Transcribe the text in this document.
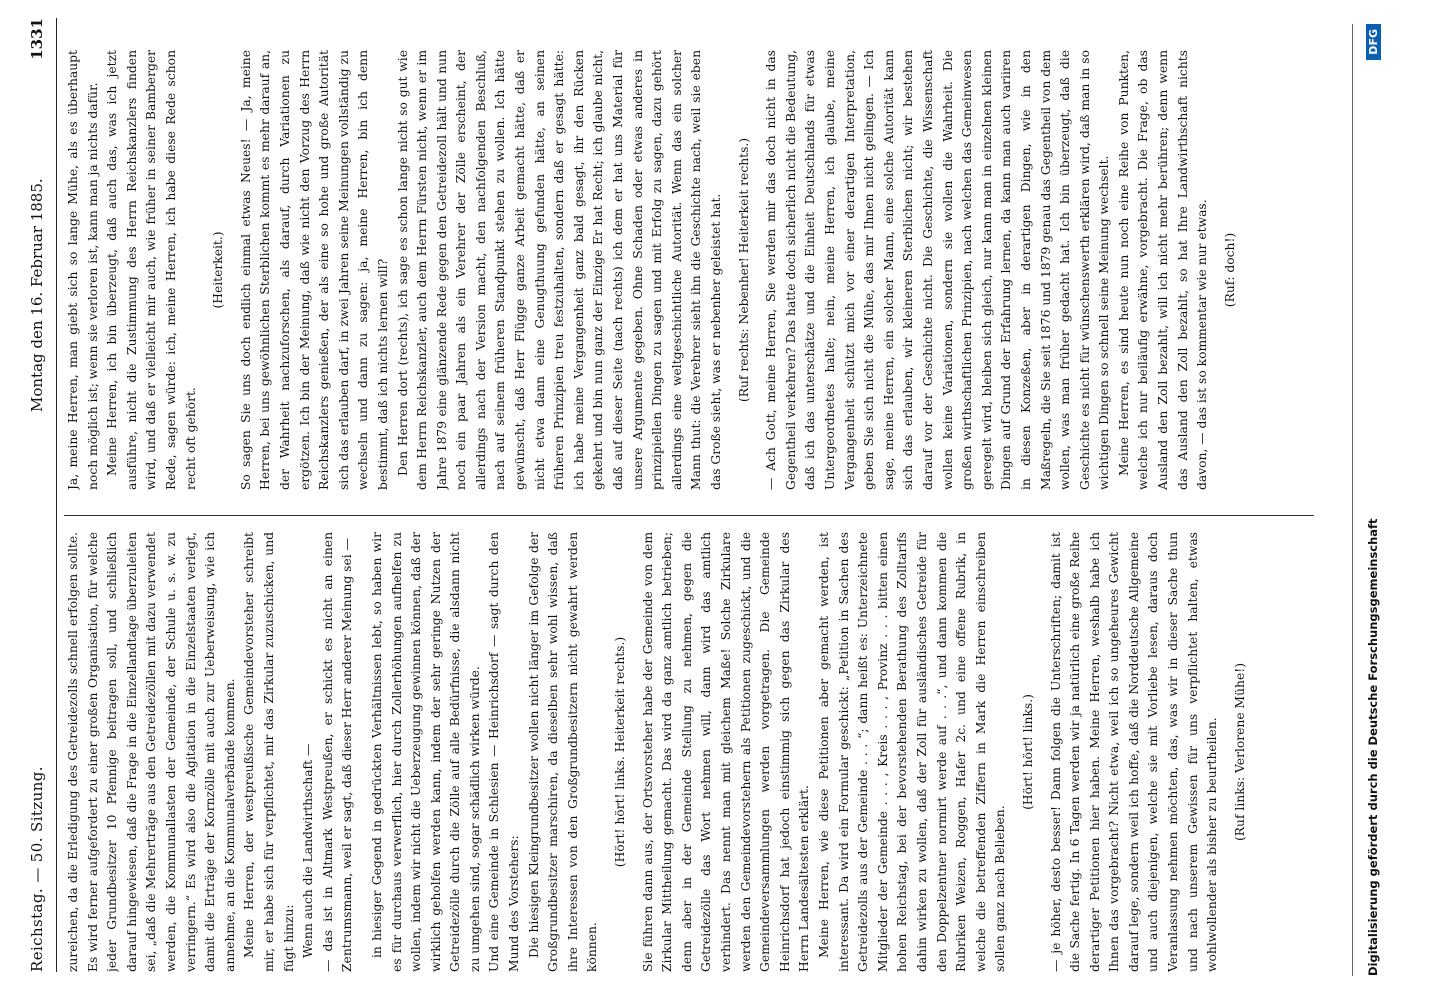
Reichstag. — 50. Sitzung.
Montag den 16. Februar 1885.
1331

zureichen, da die Erledigung des Getreidezolls schnell erfolgen sollte. Es wird ferner aufgefordert zu einer großen Organisation, für welche jeder Grundbesitzer 10 Pfennige beitragen soll, und schließlich darauf hingewiesen, daß die Frage in die Einzellandtage überzuleiten sei, „daß die Mehrerträge aus den Getreidezöllen mit dazu verwendet werden, die Kommunallasten der Gemeinde, der Schule u. s. w. zu verringern.“ Es wird also die Agitation in die Einzelstaaten verlegt, damit die Erträge der Kornzölle mit auch zur Ueberweisung, wie ich annehme, an die Kommunalverbände kommen. Meine Herren, der westpreußische Gemeindevorsteher schreibt mir, er habe sich für verpflichtet, mir das Zirkular zuzuschicken, und fügt hinzu: Wenn auch die Landwirthschaft — — das ist in Altmark Westpreußen, er schickt es nicht an einen Zentrumsmann, weil er sagt, daß dieser Herr anderer Meinung sei — in hiesiger Gegend in gedrückten Verhältnissen lebt, so haben wir es für durchaus verwerflich, hier durch Zollerhöhungen aufhelfen zu wollen, indem wir nicht die Ueberzeugung gewinnen können, daß der wirklich geholfen werden kann, indem der sehr geringe Nutzen der Getreidezölle durch die Zölle auf alle Bedürfnisse, die alsdann nicht zu umgehen sind, sogar schädlich wirken würde. Und eine Gemeinde in Schlesien — Heinrichsdorf — sagt durch den Mund des Vorstehers: Die hiesigen Kleingrundbesitzer wollen nicht länger im Gefolge der Großgrundbesitzer marschiren, da dieselben sehr wohl wissen, daß ihre Interessen von den Großgrundbesitzern nicht gewahrt werden können.

(Hört! hört! links. Heiterkeit rechts.) Sie führen dann aus, der Ortsvorsteher habe der Gemeinde von dem Zirkular Mittheilung gemacht. Das wird da ganz amtlich betrieben; denn aber in der Gemeinde Stellung zu nehmen, gegen die Getreidezölle das Wort nehmen will, dann wird das amtlich verhindert. Das nennt man mit gleichem Maße! Solche Zirkulare werden den Gemeindevorstehern als Petitionen zugeschickt, und die Gemeindeversammlungen werden vorgetragen. Die Gemeinde Heinrichsdorf hat jedoch einstimmig sich gegen das Zirkular des Herrn Landesältesten erklärt. Meine Herren, wie diese Petitionen aber gemacht werden, ist interessant. Da wird ein Formular geschickt: „Petition in Sachen des Getreidezolls aus der Gemeinde . . . “; dann heißt es: Unterzeichnete Mitglieder der Gemeinde . . . , Kreis . . . , Provinz . . . bitten einen hohen Reichstag, bei der bevorstehenden Berathung des Zolltarifs dahin wirken zu wollen, daß der Zoll für ausländisches Getreide für den Doppelzentner normirt werde auf . . .“, und dann kommen die Rubriken Weizen, Roggen, Hafer 2c. und eine offene Rubrik, in welche die betreffenden Ziffern in Mark die Herren einschreiben sollen ganz nach Belieben.

(Hört! hört! links.) — je höher, desto besser! Dann folgen die Unterschriften; damit ist die Sache fertig. In 6 Tagen werden wir ja natürlich eine große Reihe derartiger Petitionen hier haben. Meine Herren, weshalb habe ich Ihnen das vorgebracht? Nicht etwa, weil ich so ungeheures Gewicht darauf lege, sondern weil ich hoffe, daß die Norddeutsche Allgemeine und auch diejenigen, welche sie mit Vorliebe lesen, daraus doch Veranlassung nehmen möchten, das, was wir in dieser Sache thun und nach unserem Gewissen für uns verpflichtet halten, etwas wohlwollender als bisher zu beurtheilen. (Ruf links: Verlorene Mühe!)

Ja, meine Herren, man giebt sich so lange Mühe, als es überhaupt noch möglich ist; wenn sie verloren ist, kann man ja nichts dafür. Meine Herren, ich bin überzeugt, daß auch das, was ich jetzt ausführe, nicht die Zustimmung des Herrn Reichskanzlers finden wird, und daß er vielleicht mir auch, wie früher in seiner Bamberger Rede, sagen würde: ich, meine Herren, ich habe diese Rede schon recht oft gehört.

(Heiterkeit.) So sagen Sie uns doch endlich einmal etwas Neues! — Ja, meine Herren, bei uns gewöhnlichen Sterblichen kommt es mehr darauf an, der Wahrheit nachzuforschen, als darauf, durch Variationen zu ergötzen. Ich bin der Meinung, daß wie nicht den Vorzug des Herrn Reichskanzlers genießen, der als eine so hohe und große Autorität sich das erlauben darf, in zwei Jahren seine Meinungen vollständig zu wechseln und dann zu sagen: ja, meine Herren, bin ich denn bestimmt, daß ich nichts lernen will? Den Herren dort (rechts), ich sage es schon lange nicht so gut wie dem Herrn Reichskanzler, auch dem Herrn Fürsten nicht, wenn er im Jahre 1879 eine glänzende Rede gegen den Getreidezoll hält und nun noch ein paar Jahren als ein Verehrer der Zölle erscheint, der allerdings nach der Version macht, den nachfolgenden Beschluß, nach auf seinem früheren Standpunkt stehen zu wollen. Ich hätte gewünscht, daß Herr Flügge ganze Arbeit gemacht hätte, daß er nicht etwa dann eine Genugthuung gefunden hätte, an seinen früheren Prinzipien treu festzuhalten, sondern daß er gesagt hätte: ich habe meine Vergangenheit ganz bald gesagt, ihr den Rücken gekehrt und bin nun ganz der Einzige Er hat Recht; ich glaube nicht, daß auf dieser Seite (nach rechts) ich dem er hat uns Material für unsere Argumente gegeben. Ohne Schaden oder etwas anderes in prinzipiellen Dingen zu sagen und mit Erfolg zu sagen, dazu gehört allerdings eine weltgeschichtliche Autorität. Wenn das ein solcher Mann thut: die Verehrer sieht ihn die Geschichte nach, weil sie eben das Große sieht, was er nebenher geleistet hat. (Ruf rechts: Nebenher! Heiterkeit rechts.) — Ach Gott, meine Herren, Sie werden mir das doch nicht in das Gegentheil verkehren? Das hatte doch sicherlich nicht die Bedeutung, daß ich das unterschätze und die Einheit Deutschlands für etwas Untergeordnetes halte; nein, meine Herren, ich glaube, meine Vergangenheit schützt mich vor einer derartigen Interpretation, geben Sie sich nicht die Mühe, das mir Ihnen nicht gelingen. — Ich sage, meine Herren, ein solcher Mann, eine solche Autorität kann sich das erlauben, wir kleineren Sterblichen nicht; wir bestehen darauf vor der Geschichte nicht. Die Geschichte, die Wissenschaft wollen keine Variationen, sondern sie wollen die Wahrheit. Die großen wirthschaftlichen Prinzipien, nach welchen das Gemeinwesen geregelt wird, bleiben sich gleich, nur kann man in einzelnen kleinen Dingen auf Grund der Erfahrung lernen, da kann man auch variiren in diesen Konzeßen, aber in derartigen Dingen, wie in den Maßregeln, die Sie seit 1876 und 1879 genau das Gegentheil von dem wollen, was man früher gedacht hat. Ich bin überzeugt, daß die Geschichte es nicht für wünschenswerth erklären wird, daß man in so wichtigen Dingen so schnell seine Meinung wechselt. Meine Herren, es sind heute nun noch eine Reihe von Punkten, welche ich nur beiläufig erwähne, vorgebracht. Die Frage, ob das Ausland den Zoll bezahlt, will ich nicht mehr berühren; denn wenn das Ausland den Zoll bezahlt, so hat Ihre Landwirthschaft nichts davon, — das ist so kommentar wie nur etwas. (Ruf: doch!)

Digitalisierung gefördert durch die Deutsche Forschungsgemeinschaft
DFG
